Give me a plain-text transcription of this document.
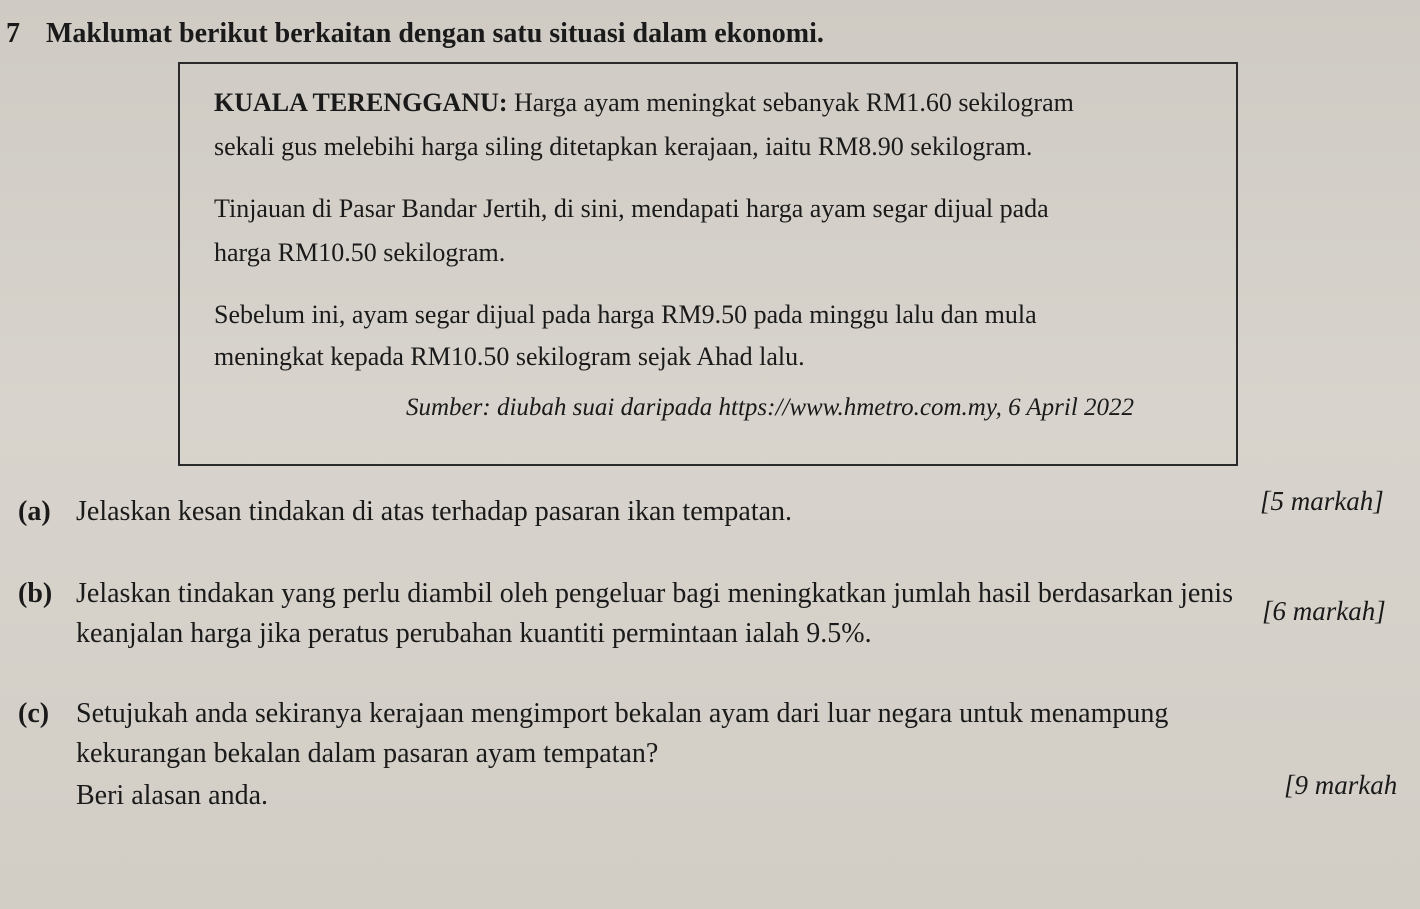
7 Maklumat berikut berkaitan dengan satu situasi dalam ekonomi.
KUALA TERENGGANU: Harga ayam meningkat sebanyak RM1.60 sekilogram
sekali gus melebihi harga siling ditetapkan kerajaan, iaitu RM8.90 sekilogram.
Tinjauan di Pasar Bandar Jertih, di sini, mendapati harga ayam segar dijual pada
harga RM10.50 sekilogram.
Sebelum ini, ayam segar dijual pada harga RM9.50 pada minggu lalu dan mula
meningkat kepada RM10.50 sekilogram sejak Ahad lalu.
Sumber: diubah suai daripada https://www.hmetro.com.my, 6 April 2022
(a) Jelaskan kesan tindakan di atas terhadap pasaran ikan tempatan.	[5 markah]
(b) Jelaskan tindakan yang perlu diambil oleh pengeluar bagi meningkatkan jumlah hasil berdasarkan jenis
keanjalan harga jika peratus perubahan kuantiti permintaan ialah 9.5%.
[6 markah]
(c) Setujukah anda sekiranya kerajaan mengimport bekalan ayam dari luar negara untuk menampung
kekurangan bekalan dalam pasaran ayam tempatan?
Beri alasan anda.	[9 markah
